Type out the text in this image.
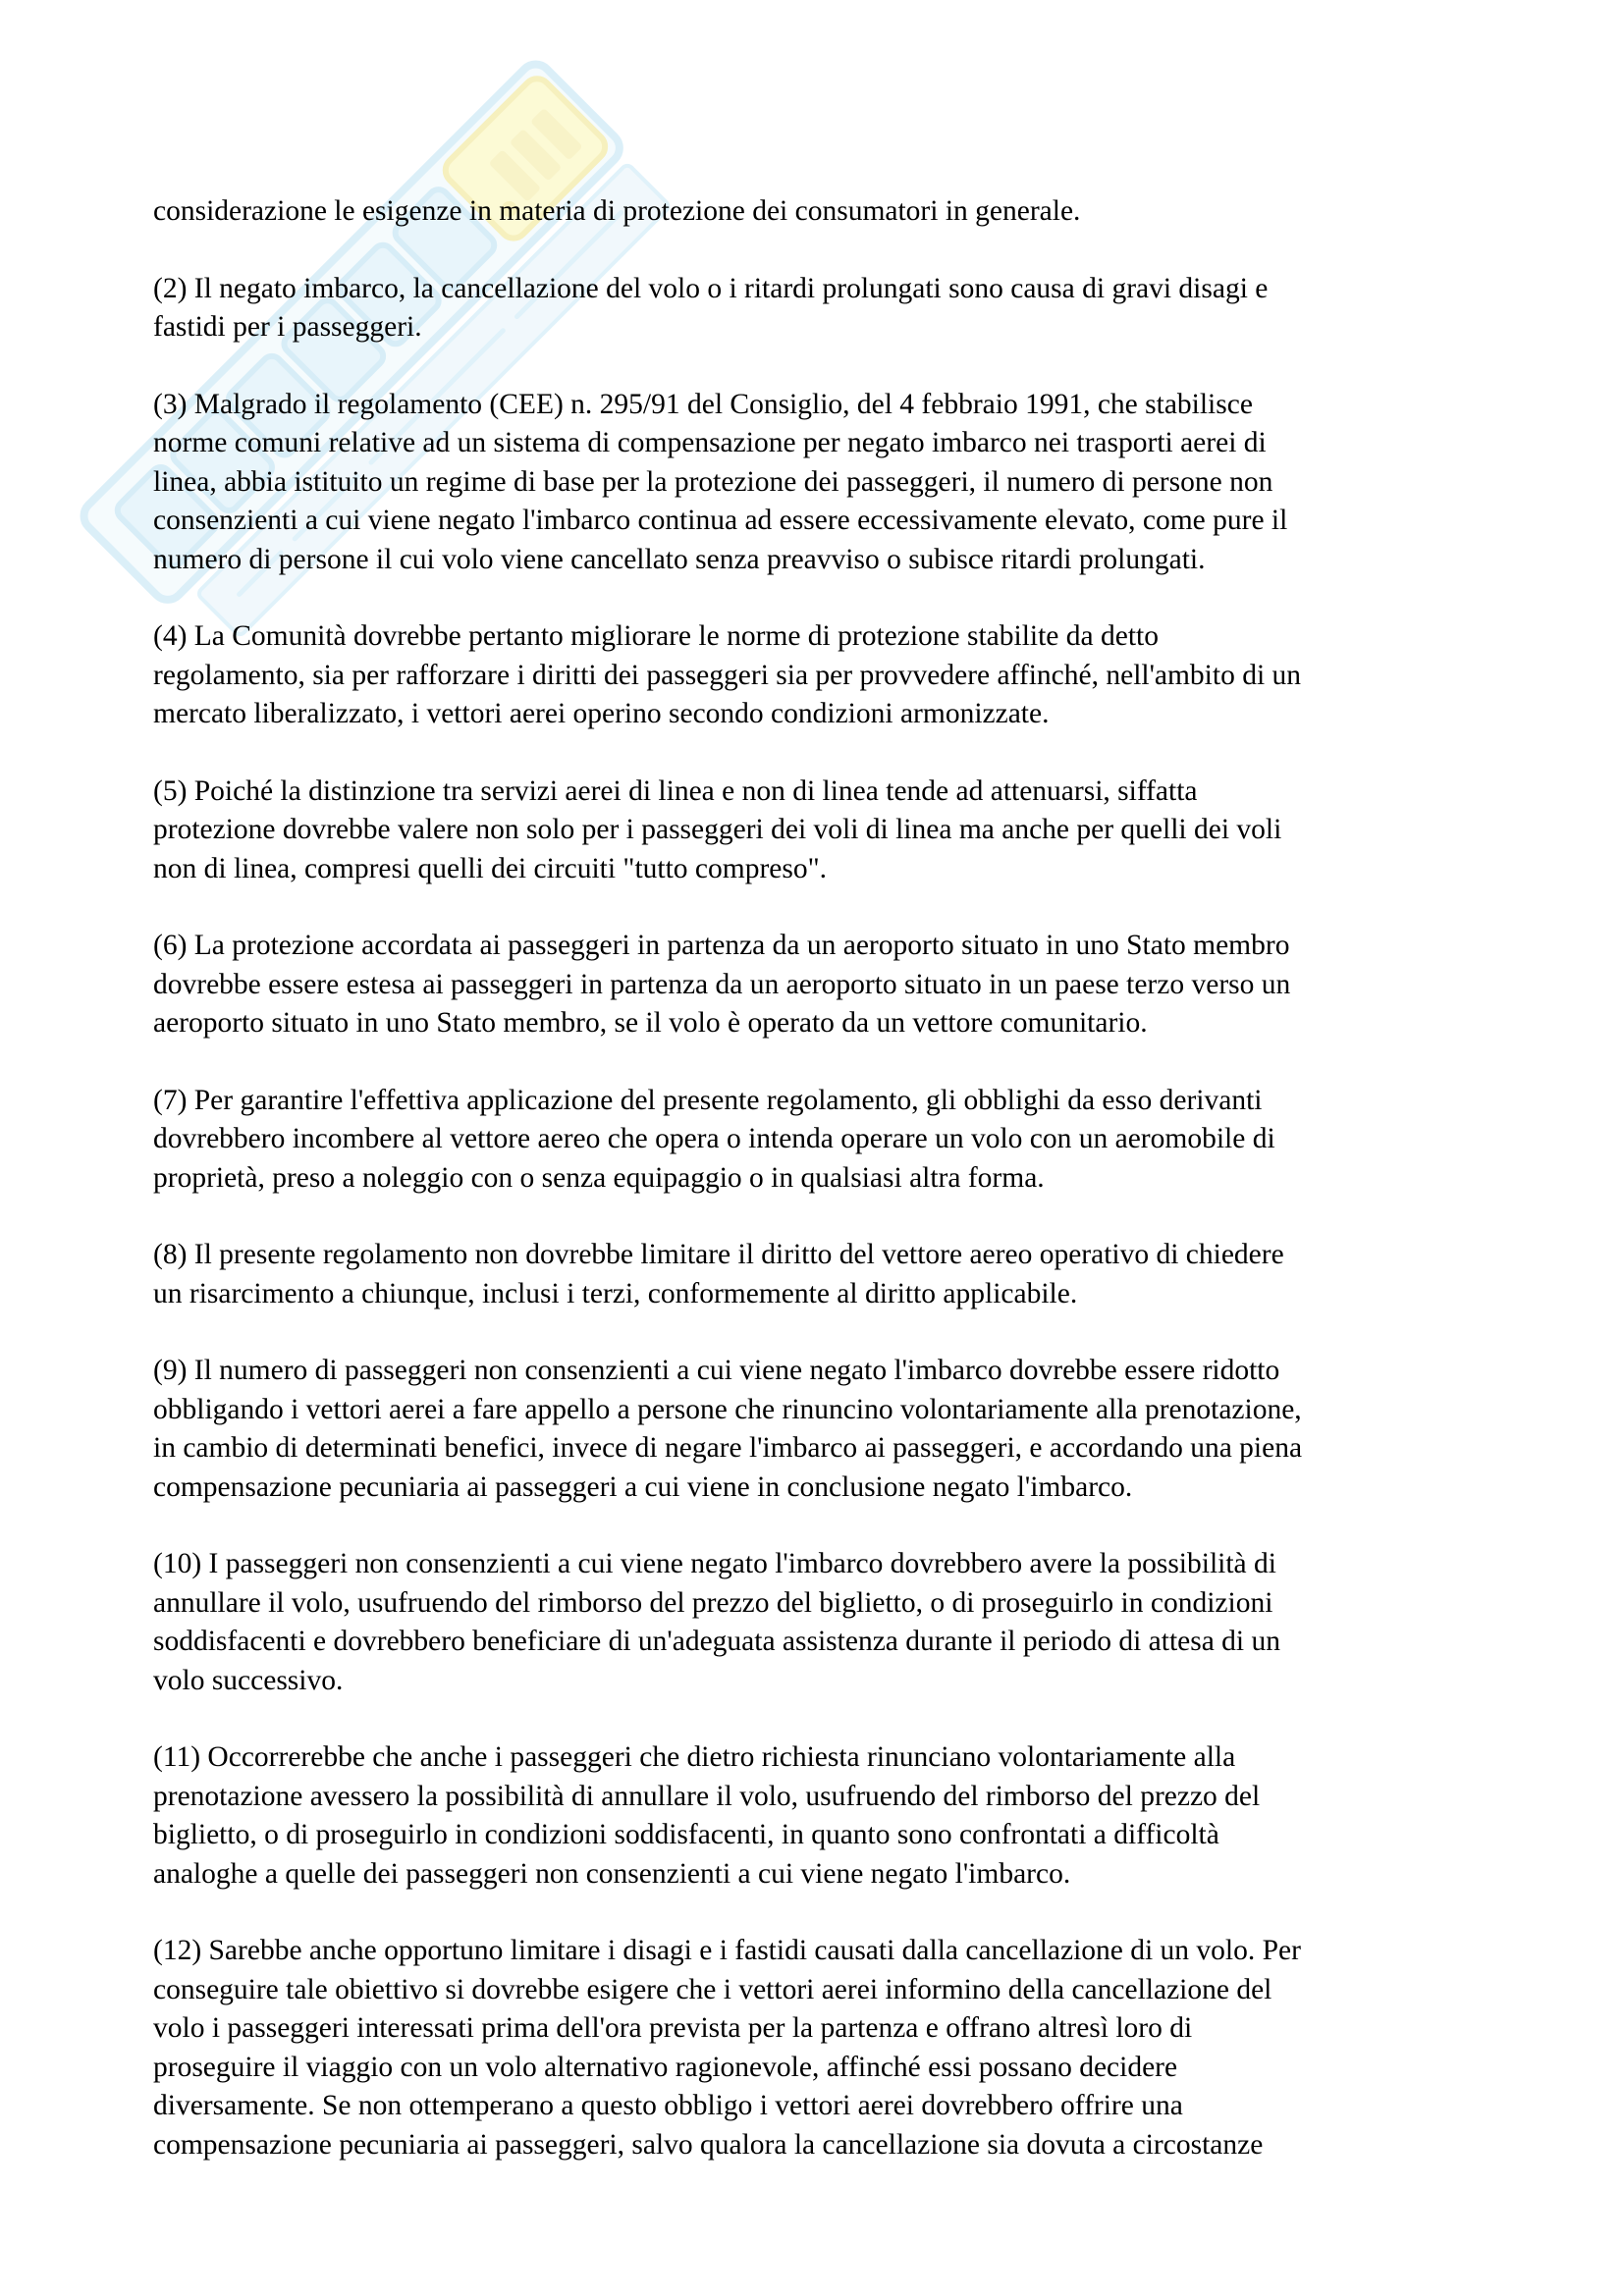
considerazione le esigenze in materia di protezione dei consumatori in generale.

(2) Il negato imbarco, la cancellazione del volo o i ritardi prolungati sono causa di gravi disagi e
fastidi per i passeggeri.

(3) Malgrado il regolamento (CEE) n. 295/91 del Consiglio, del 4 febbraio 1991, che stabilisce
norme comuni relative ad un sistema di compensazione per negato imbarco nei trasporti aerei di
linea, abbia istituito un regime di base per la protezione dei passeggeri, il numero di persone non
consenzienti a cui viene negato l'imbarco continua ad essere eccessivamente elevato, come pure il
numero di persone il cui volo viene cancellato senza preavviso o subisce ritardi prolungati.

(4) La Comunità dovrebbe pertanto migliorare le norme di protezione stabilite da detto
regolamento, sia per rafforzare i diritti dei passeggeri sia per provvedere affinché, nell'ambito di un
mercato liberalizzato, i vettori aerei operino secondo condizioni armonizzate.

(5) Poiché la distinzione tra servizi aerei di linea e non di linea tende ad attenuarsi, siffatta
protezione dovrebbe valere non solo per i passeggeri dei voli di linea ma anche per quelli dei voli
non di linea, compresi quelli dei circuiti "tutto compreso".

(6) La protezione accordata ai passeggeri in partenza da un aeroporto situato in uno Stato membro
dovrebbe essere estesa ai passeggeri in partenza da un aeroporto situato in un paese terzo verso un
aeroporto situato in uno Stato membro, se il volo è operato da un vettore comunitario.

(7) Per garantire l'effettiva applicazione del presente regolamento, gli obblighi da esso derivanti
dovrebbero incombere al vettore aereo che opera o intenda operare un volo con un aeromobile di
proprietà, preso a noleggio con o senza equipaggio o in qualsiasi altra forma.

(8) Il presente regolamento non dovrebbe limitare il diritto del vettore aereo operativo di chiedere
un risarcimento a chiunque, inclusi i terzi, conformemente al diritto applicabile.

(9) Il numero di passeggeri non consenzienti a cui viene negato l'imbarco dovrebbe essere ridotto
obbligando i vettori aerei a fare appello a persone che rinuncino volontariamente alla prenotazione,
in cambio di determinati benefici, invece di negare l'imbarco ai passeggeri, e accordando una piena
compensazione pecuniaria ai passeggeri a cui viene in conclusione negato l'imbarco.

(10) I passeggeri non consenzienti a cui viene negato l'imbarco dovrebbero avere la possibilità di
annullare il volo, usufruendo del rimborso del prezzo del biglietto, o di proseguirlo in condizioni
soddisfacenti e dovrebbero beneficiare di un'adeguata assistenza durante il periodo di attesa di un
volo successivo.

(11) Occorrerebbe che anche i passeggeri che dietro richiesta rinunciano volontariamente alla
prenotazione avessero la possibilità di annullare il volo, usufruendo del rimborso del prezzo del
biglietto, o di proseguirlo in condizioni soddisfacenti, in quanto sono confrontati a difficoltà
analoghe a quelle dei passeggeri non consenzienti a cui viene negato l'imbarco.

(12) Sarebbe anche opportuno limitare i disagi e i fastidi causati dalla cancellazione di un volo. Per
conseguire tale obiettivo si dovrebbe esigere che i vettori aerei informino della cancellazione del
volo i passeggeri interessati prima dell'ora prevista per la partenza e offrano altresì loro di
proseguire il viaggio con un volo alternativo ragionevole, affinché essi possano decidere
diversamente. Se non ottemperano a questo obbligo i vettori aerei dovrebbero offrire una
compensazione pecuniaria ai passeggeri, salvo qualora la cancellazione sia dovuta a circostanze
